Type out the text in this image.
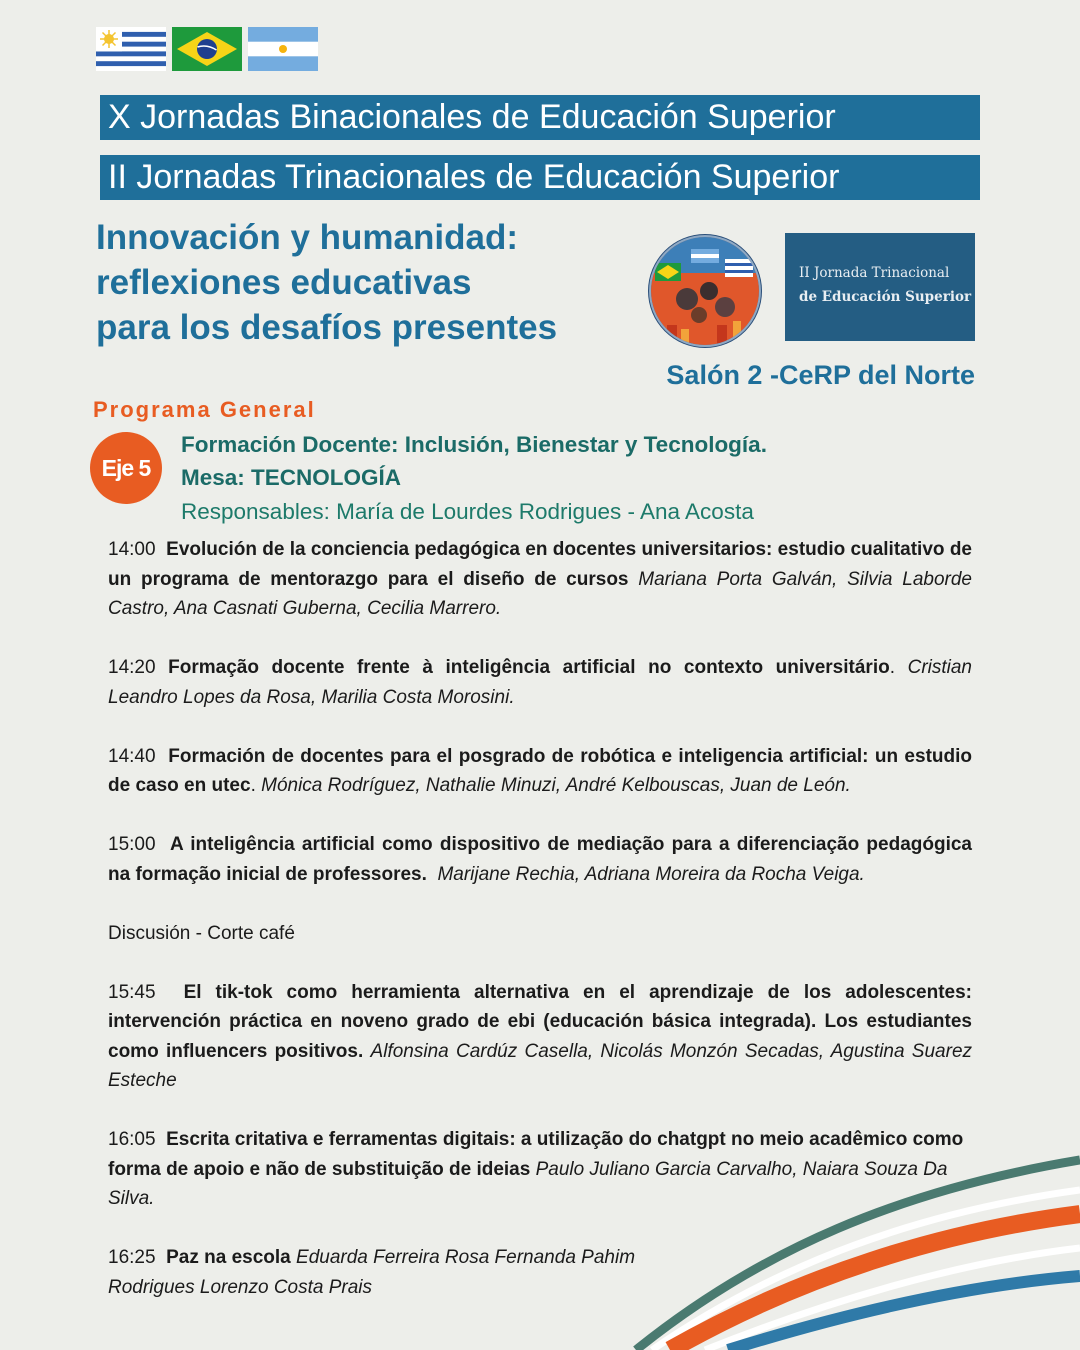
X Jornadas Binacionales de Educación Superior
II Jornadas Trinacionales de Educación Superior
Innovación y humanidad:
reflexiones educativas
para los desafíos presentes
II Jornada Trinacional
de Educación Superior
Salón 2 -CeRP del Norte
Programa General
Eje 5
Formación Docente: Inclusión, Bienestar y Tecnología.
Mesa: TECNOLOGÍA
Responsables: María de Lourdes Rodrigues - Ana Acosta
14:00 Evolución de la conciencia pedagógica en docentes universitarios: estudio cualitativo de un programa de mentorazgo para el diseño de cursos Mariana Porta Galván, Silvia Laborde Castro, Ana Casnati Guberna, Cecilia Marrero.
14:20 Formação docente frente à inteligência artificial no contexto universitário. Cristian Leandro Lopes da Rosa, Marilia Costa Morosini.
14:40 Formación de docentes para el posgrado de robótica e inteligencia artificial: un estudio de caso en utec. Mónica Rodríguez, Nathalie Minuzi, André Kelbouscas, Juan de León.
15:00 A inteligência artificial como dispositivo de mediação para a diferenciação pedagógica na formação inicial de professores. Marijane Rechia, Adriana Moreira da Rocha Veiga.
Discusión - Corte café
15:45 El tik-tok como herramienta alternativa en el aprendizaje de los adolescentes: intervención práctica en noveno grado de ebi (educación básica integrada). Los estudiantes como influencers positivos. Alfonsina Cardúz Casella, Nicolás Monzón Secadas, Agustina Suarez Esteche
16:05 Escrita critativa e ferramentas digitais: a utilização do chatgpt no meio acadêmico como forma de apoio e não de substituição de ideias Paulo Juliano Garcia Carvalho, Naiara Souza Da Silva.
16:25 Paz na escola Eduarda Ferreira Rosa Fernanda Pahim Rodrigues Lorenzo Costa Prais
